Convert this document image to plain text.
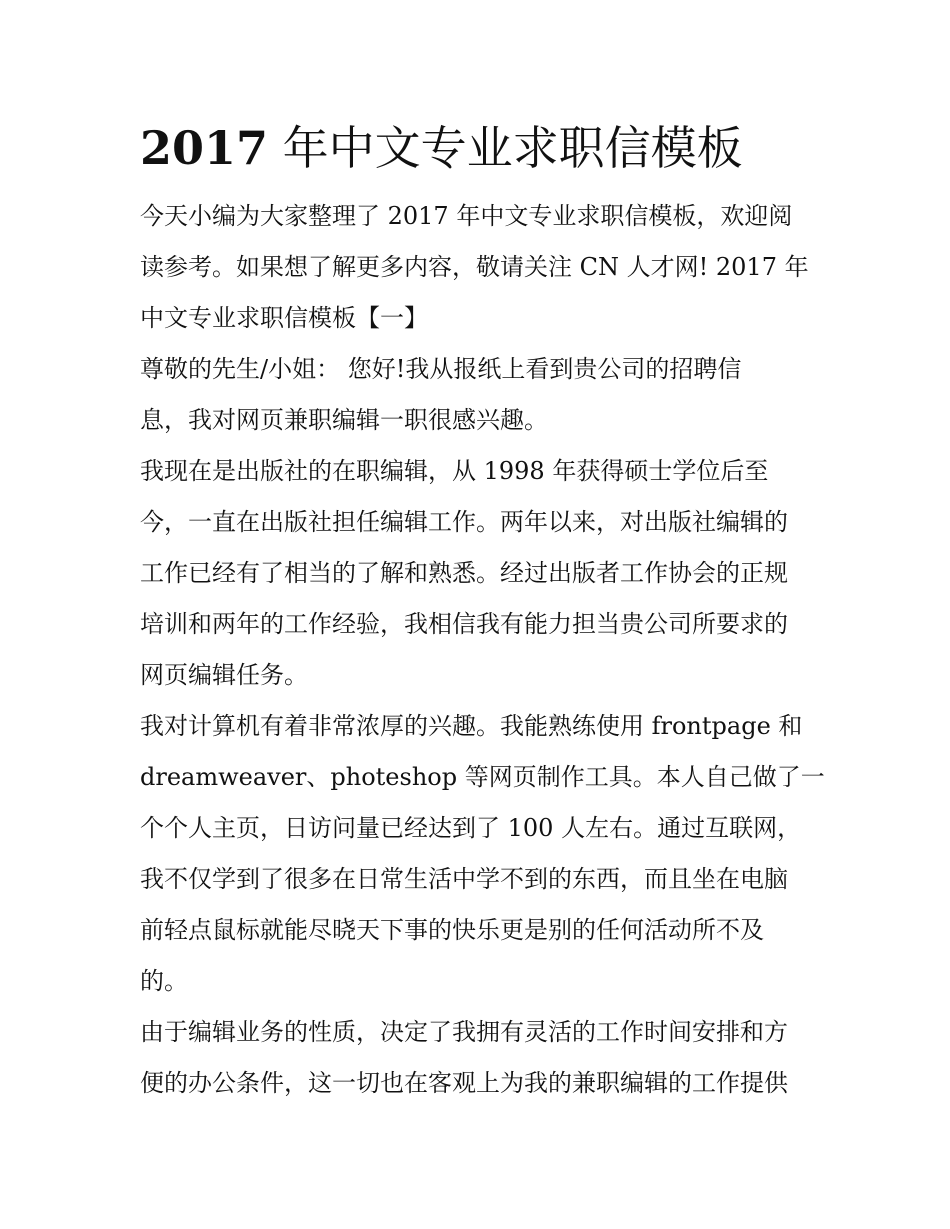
2017 年中文专业求职信模板
今天小编为大家整理了 2017 年中文专业求职信模板，欢迎阅
读参考。如果想了解更多内容，敬请关注 CN 人才网! 2017 年
中文专业求职信模板【一】
尊敬的先生/小姐： 您好!我从报纸上看到贵公司的招聘信
息，我对网页兼职编辑一职很感兴趣。
我现在是出版社的在职编辑，从 1998 年获得硕士学位后至
今，一直在出版社担任编辑工作。两年以来，对出版社编辑的
工作已经有了相当的了解和熟悉。经过出版者工作协会的正规
培训和两年的工作经验，我相信我有能力担当贵公司所要求的
网页编辑任务。
我对计算机有着非常浓厚的兴趣。我能熟练使用 frontpage 和
dreamweaver、photeshop 等网页制作工具。本人自己做了一
个个人主页，日访问量已经达到了 100 人左右。通过互联网，
我不仅学到了很多在日常生活中学不到的东西，而且坐在电脑
前轻点鼠标就能尽晓天下事的快乐更是别的任何活动所不及
的。
由于编辑业务的性质，决定了我拥有灵活的工作时间安排和方
便的办公条件，这一切也在客观上为我的兼职编辑的工作提供
